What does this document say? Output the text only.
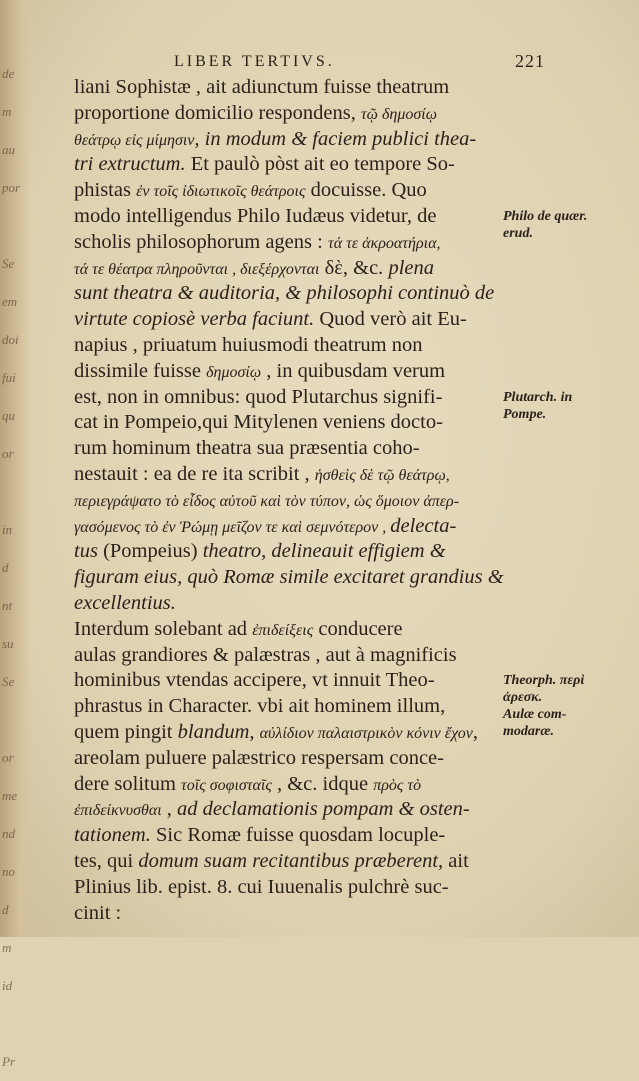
de
m
au
por

Se
em
doi
fui
qu
or

in
d
nt
su
Se

or
me
nd
no
d
m
id

Pr
LIBER TERTIVS.	221
liani Sophistæ , ait adiunctum fuisse theatrum
proportione domicilio respondens, τῷ δημοσίῳ
θεάτρῳ εἰς μίμησιν, in modum & faciem publici thea-
tri extructum. Et paulò pòst ait eo tempore So-
phistas ἐν τοῖς ἰδιωτικοῖς θεάτροις docuisse. Quo
modo intelligendus Philo Iudæus videtur, de
scholis philosophorum agens : τά τε ἀκροατήρια,
τά τε θέατρα πληροῦνται , διεξέρχονται δὲ, &c. plena
sunt theatra & auditoria, & philosophi continuò de
virtute copiosè verba faciunt. Quod verò ait Eu-
napius , priuatum huiusmodi theatrum non
dissimile fuisse δημοσίῳ , in quibusdam verum
est, non in omnibus: quod Plutarchus signifi-
cat in Pompeio,qui Mitylenen veniens docto-
rum hominum theatra sua præsentia coho-
nestauit : ea de re ita scribit , ἡσθεὶς δὲ τῷ θεάτρῳ,
περιεγράψατο τὸ εἶδος αὐτοῦ καὶ τὸν τύπον, ὡς ὅμοιον ἀπερ-
γασόμενος τὸ ἐν Ῥώμῃ μεῖζον τε καὶ σεμνότερον , delecta-
tus (Pompeius) theatro, delineauit effigiem &
figuram eius, quò Romæ simile excitaret grandius &
excellentius.
Interdum solebant ad ἐπιδείξεις conducere
aulas grandiores & palæstras , aut à magnificis
hominibus vtendas accipere, vt innuit Theo-
phrastus in Character. vbi ait hominem illum,
quem pingit blandum, αὐλίδιον παλαιστρικὸν κόνιν ἔχον,
areolam puluere palæstrico respersam conce-
dere solitum τοῖς σοφισταῖς , &c. idque πρὸς τὸ
ἐπιδείκνυσθαι , ad declamationis pompam & osten-
tationem. Sic Romæ fuisse quosdam locuple-
tes, qui domum suam recitantibus præberent, ait
Plinius lib. epist. 8. cui Iuuenalis pulchrè suc-
cinit :
Philo de quær.
erud.
Plutarch. in
Pompe.
Theorph. περὶ
ἀρεσκ.
Aulæ com-
modaræ.
